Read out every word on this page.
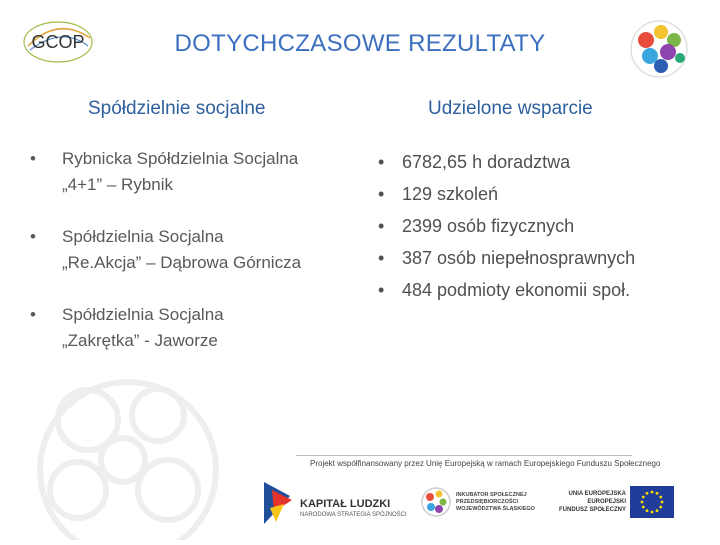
GCOP	DOTYCHCZASOWE REZULTATY
Spółdzielnie socjalne	Udzielone wsparcie
•	Rybnicka Spółdzielnia Socjalna
„4+1” – Rybnik
•	Spółdzielnia Socjalna
„Re.Akcja” – Dąbrowa Górnicza
•	Spółdzielnia Socjalna
„Zakrętka” - Jaworze
• 6782,65 h doradztwa
• 129 szkoleń
• 2399 osób fizycznych
• 387 osób niepełnosprawnych
• 484 podmioty ekonomii społ.
Projekt współfinansowany przez Unię Europejską w ramach Europejskiego Funduszu Społecznego
KAPITAŁ LUDZKI
NARODOWA STRATEGIA SPÓJNOŚCI
INKUBATOR SPOŁECZNEJ PRZEDSIĘBIORCZOŚCI WOJEWÓDZTWA ŚLĄSKIEGO
UNIA EUROPEJSKA
EUROPEJSKI
FUNDUSZ SPOŁECZNY
